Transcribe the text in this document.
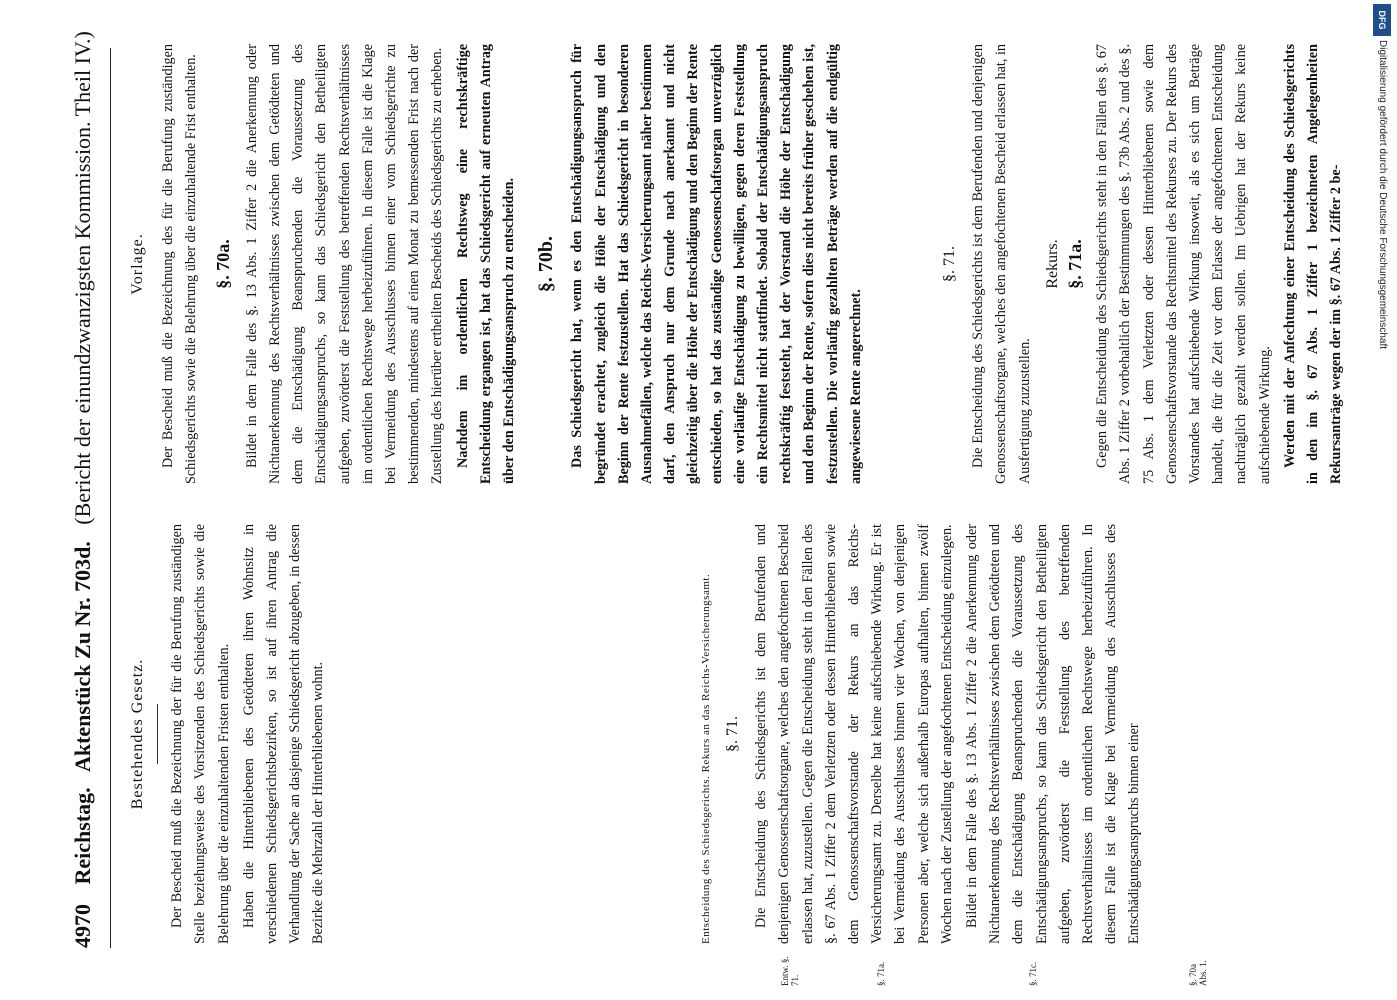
4970 Reichstag.   Aktenstück Zu Nr. 703d.   (Bericht der einundzwanzigsten Kommission. Theil IV.)
Bestehendes Gesetz. Der Bescheid muß die Bezeichnung der für die Berufung zuständigen Stelle beziehungsweise des Vorsitzenden des Schiedsgerichts sowie die Belehrung über die einzuhaltenden Fristen enthalten. Haben die Hinterbliebenen des Getödteten ihren Wohnsitz in verschiedenen Schiedsgerichtsbezirken, so ist auf ihren Antrag die Verhandlung der Sache an dasjenige Schiedsgericht abzugeben, in dessen Bezirke die Mehrzahl der Hinterbliebenen wohnt.	Entscheidung des Schiedsgerichts. Rekurs an das Reichs-Versicherungsamt. §. 71. Die Entscheidung des Schiedsgerichts ist dem Berufenden und denjenigen Genossenschaftsorgane, welches den angefochtenen Bescheid erlassen hat, zuzustellen. Gegen die Entscheidung steht in den Fällen des §. 67 Abs. 1 Ziffer 2 dem Verletzten oder dessen Hinterbliebenen sowie dem Genossenschaftsvorstande der Rekurs an das Reichs-Versicherungsamt zu. Derselbe hat keine aufschiebende Wirkung. Er ist bei Vermeidung des Ausschlusses binnen vier Wochen, von denjenigen Personen aber, welche sich außerhalb Europas aufhalten, binnen zwölf Wochen nach der Zustellung der angefochtenen Entscheidung einzulegen. Bildet in dem Falle des §. 13 Abs. 1 Ziffer 2 die Anerkennung oder Nichtanerkennung des Rechtsverhältnisses zwischen dem Getödteten und dem die Entschädigung Beanspruchenden die Voraussetzung des Entschädigungsanspruchs, so kann das Schiedsgericht den Betheiligten aufgeben, zuvörderst die Feststellung des betreffenden Rechtsverhältnisses im ordentlichen Rechtswege herbeizuführen. In diesem Falle ist die Klage bei Vermeidung des Ausschlusses des Entschädigungsanspruchs binnen einer

Entw. §. 71.	§. 71a.	§. 71c.	§. 70a Abs. 1.
Vorlage. Der Bescheid muß die Bezeichnung des für die Berufung zuständigen Schiedsgerichts sowie die Belehrung über die einzuhaltende Frist enthalten. §. 70a. Bildet in dem Falle des §. 13 Abs. 1 Ziffer 2 die Anerkennung oder Nichtanerkennung des Rechtsverhältnisses zwischen dem Getödteten und dem die Entschädigung Beanspruchenden die Voraussetzung des Entschädigungsanspruchs, so kann das Schiedsgericht den Betheiligten aufgeben, zuvörderst die Feststellung des betreffenden Rechtsverhältnisses im ordentlichen Rechtswege herbeizuführen. In diesem Falle ist die Klage bei Vermeidung des Ausschlusses binnen einer vom Schiedsgerichte zu bestimmenden, mindestens auf einen Monat zu bemessenden Frist nach der Zustellung des hierüber ertheilten Bescheids des Schiedsgerichts zu erheben. Nachdem im ordentlichen Rechtsweg eine rechtskräftige Entscheidung ergangen ist, hat das Schiedsgericht auf erneuten Antrag über den Entschädigungsanspruch zu entscheiden. §. 70b. Das Schiedsgericht hat, wenn es den Entschädigungsanspruch für begründet erachtet, zugleich die Höhe der Entschädigung und den Beginn der Rente festzustellen. Hat das Schiedsgericht in besonderen Ausnahmefällen, welche das Reichs-Versicherungsamt näher bestimmen darf, den Anspruch nur dem Grunde nach anerkannt und nicht gleichzeitig über die Höhe der Entschädigung und den Beginn der Rente entschieden, so hat das zuständige Genossenschaftsorgan unverzüglich eine vorläufige Entschädigung zu bewilligen, gegen deren Feststellung ein Rechtsmittel nicht stattfindet. Sobald der Entschädigungsanspruch rechtskräftig feststeht, hat der Vorstand die Höhe der Entschädigung und den Beginn der Rente, sofern dies nicht bereits früher geschehen ist, festzustellen. Die vorläufig gezahlten Beträge werden auf die endgültig angewiesene Rente angerechnet.

§. 71. Die Entscheidung des Schiedsgerichts ist dem Berufenden und denjenigen Genossenschaftsorgane, welches den angefochtenen Bescheid erlassen hat, in Ausfertigung zuzustellen.

Rekurs. §. 71a. Gegen die Entscheidung des Schiedsgerichts steht in den Fällen des §. 67 Abs. 1 Ziffer 2 vorbehaltlich der Bestimmungen des §. 73b Abs. 2 und des §. 75 Abs. 1 dem Verletzten oder dessen Hinterbliebenen sowie dem Genossenschaftsvorstande das Rechtsmittel des Rekurses zu. Der Rekurs des Vorstandes hat aufschiebende Wirkung insoweit, als es sich um Beträge handelt, die für die Zeit vor dem Erlasse der angefochtenen Entscheidung nachträglich gezahlt werden sollen. Im Uebrigen hat der Rekurs keine aufschiebende Wirkung. Werden mit der Anfechtung einer Entscheidung des Schiedsgerichts in den im §. 67 Abs. 1 Ziffer 1 bezeichneten Angelegenheiten Rekursanträge wegen der im §. 67 Abs. 1 Ziffer 2 be-

DFG
Digitalisierung gefördert durch die Deutsche Forschungsgemeinschaft
